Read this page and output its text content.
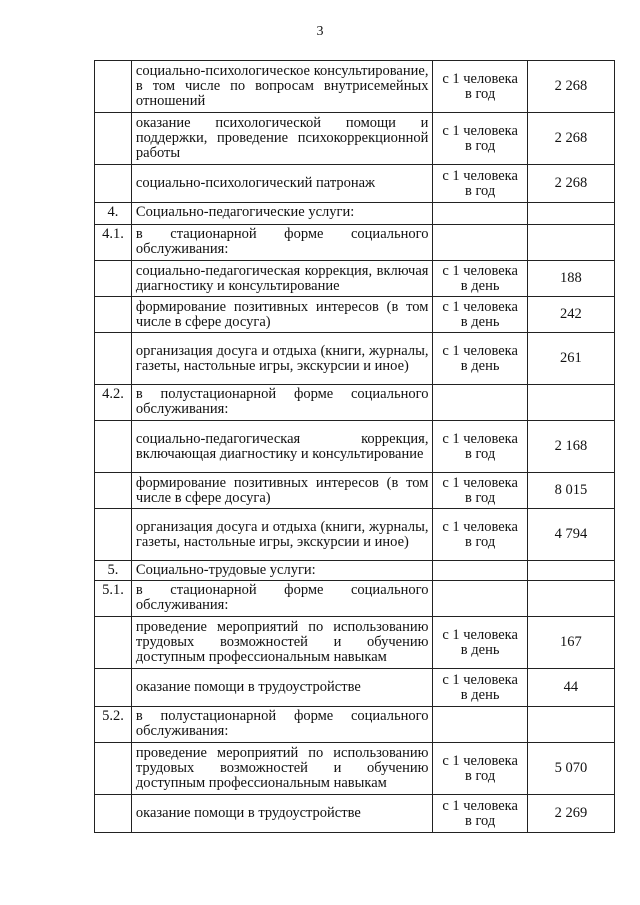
3
	социально-психологическое консультирование, в том числе по вопросам внутрисемейных отношений	с 1 человека в год	2 268
	оказание психологической помощи и поддержки, проведение психокоррекционной работы	с 1 человека в год	2 268
	социально-психологический патронаж	с 1 человека в год	2 268
4.	Социально-педагогические услуги:		
4.1.	в стационарной форме социального обслуживания:		
	социально-педагогическая коррекция, включая диагностику и консультирование	с 1 человека в день	188
	формирование позитивных интересов (в том числе в сфере досуга)	с 1 человека в день	242
	организация досуга и отдыха (книги, журналы, газеты, настольные игры, экскурсии и иное)	с 1 человека в день	261
4.2.	в полустационарной форме социального обслуживания:		
	социально-педагогическая коррекция, включающая диагностику и консультирование	с 1 человека в год	2 168
	формирование позитивных интересов (в том числе в сфере досуга)	с 1 человека в год	8 015
	организация досуга и отдыха (книги, журналы, газеты, настольные игры, экскурсии и иное)	с 1 человека в год	4 794
5.	Социально-трудовые услуги:		
5.1.	в стационарной форме социального обслуживания:		
	проведение мероприятий по использованию трудовых возможностей и обучению доступным профессиональным навыкам	с 1 человека в день	167
	оказание помощи в трудоустройстве	с 1 человека в день	44
5.2.	в полустационарной форме социального обслуживания:		
	проведение мероприятий по использованию трудовых возможностей и обучению доступным профессиональным навыкам	с 1 человека в год	5 070
	оказание помощи в трудоустройстве	с 1 человека в год	2 269
